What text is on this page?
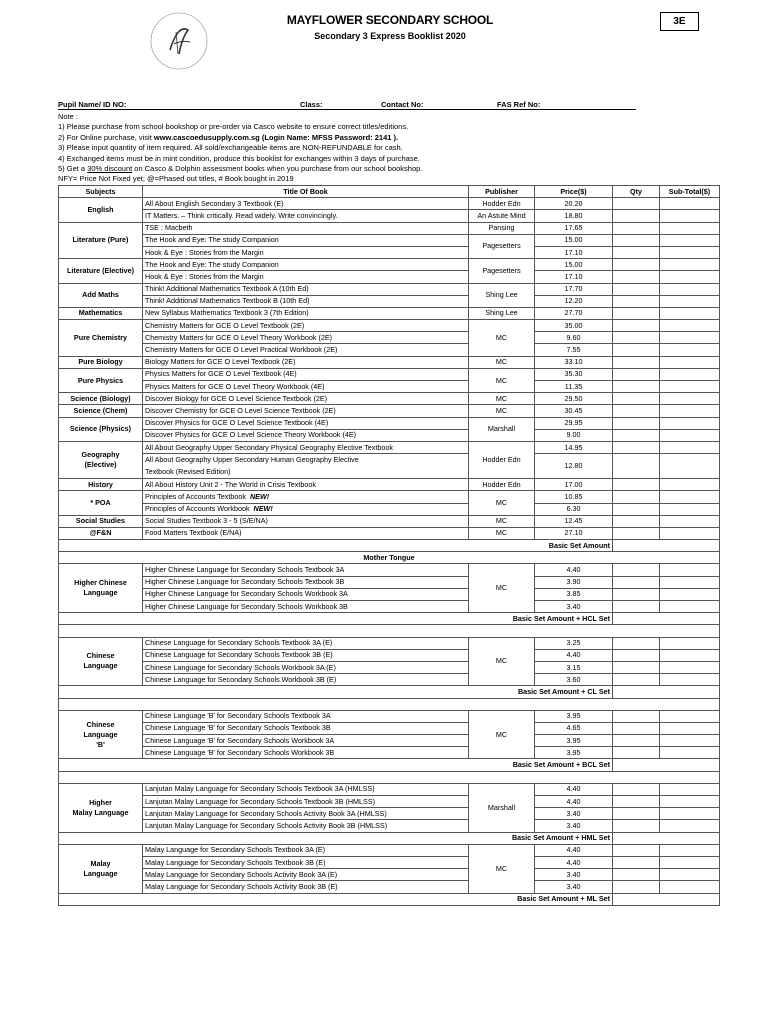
MAYFLOWER SECONDARY SCHOOL
Secondary 3 Express Booklist 2020
3E
Pupil Name/ ID NO:	Class:	Contact No:	FAS Ref No:
Note :
1) Please purchase from school bookshop or pre-order via Casco website to ensure correct titles/editions.
2) For Online purchase, visit www.cascoedusupply.com.sg (Login Name: MFSS Password: 2141 ).
3) Please input quantity of item required. All sold/exchangeable items are NON-REFUNDABLE for cash.
4) Exchanged items must be in mint condition, produce this booklist for exchanges within 3 days of purchase.
5) Get a 30% discount on Casco & Dolphin assessment books when you purchase from our school bookshop.
NFY= Price Not Fixed yet; @=Phased out titles, # Book bought in 2019
Subjects	Title Of Book	Publisher	Price($)	Qty	Sub-Total($)
English	All About English Secondary 3 Textbook (E)	Hodder Edn	20.20		
	IT Matters. – Think critically. Read widely. Write convincingly.	An Astute Mind	18.80		
Literature (Pure)	TSE : Macbeth	Pansing	17.65		
	The Hook and Eye: The study Companion	Pagesetters	15.00		
	Hook & Eye : Stories from the Margin		17.10		
Literature (Elective)	The Hook and Eye: The study Companion	Pagesetters	15.00		
	Hook & Eye : Stories from the Margin		17.10		
Add Maths	Think! Additional Mathematics Textbook A (10th Ed)	Shing Lee	17.70		
	Think! Additional Mathematics Textbook B (10th Ed)		12.20		
Mathematics	New Syllabus Mathematics Textbook 3 (7th Edition)	Shing Lee	27.70		
Pure Chemistry	Chemistry Matters for GCE O Level Textbook (2E)	MC	35.00		
	Chemistry Matters for GCE O Level Theory Workbook (2E)		9.60		
	Chemistry Matters for GCE O Level Practical Workbook (2E)		7.55		
Pure Biology	Biology Matters for GCE O Level Textbook (2E)	MC	33.10		
Pure Physics	Physics Matters for GCE O Level Textbook (4E)	MC	35.30		
	Physics Matters for GCE O Level Theory Workbook (4E)		11.35		
Science (Biology)	Discover Biology for GCE O Level Science Textbook (2E)	MC	29.50		
Science (Chem)	Discover Chemistry for GCE O Level Science Textbook (2E)	MC	30.45		
Science (Physics)	Discover Physics for GCE O Level Science Textbook (4E)	Marshall	29.95		
	Discover Physics for GCE O Level Science Theory Workbook (4E)		9.00		

Geography
(Elective)	All About Geography Upper Secondary Physical Geography Elective Textbook	Hodder Edn	14.95		

	All About Geography Upper Secondary Human Geography Elective
Textbook (Revised Edition)		12.80		
History	All About History Unit 2 - The World in Crisis Textbook	Hodder Edn	17.00		
* POA	Principles of Accounts Textbook NEW!	MC	10.85		
	Principles of Accounts Workbook NEW!		6.30		
Social Studies	Social Studies Textbook 3 - 5 (S/E/NA)	MC	12.45		
@F&N	Food Matters Textbook (E/NA)	MC	27.10		
Basic Set Amount					
Mother Tongue					

Higher Chinese
Language	Higher Chinese Language for Secondary Schools Textbook 3A	MC	4.40		
	Higher Chinese Language for Secondary Schools Textbook 3B		3.90		
	Higher Chinese Language for Secondary Schools Workbook 3A		3.85		
	Higher Chinese Language for Secondary Schools Workbook 3B		3.40		
Basic Set Amount + HCL Set					

Chinese
Language	Chinese Language for Secondary Schools Textbook 3A (E)	MC	3.25		
	Chinese Language for Secondary Schools Textbook 3B (E)		4.40		
	Chinese Language for Secondary Schools Workbook 3A (E)		3.15		
	Chinese Language for Secondary Schools Workbook 3B (E)		3.60		
Basic Set Amount + CL Set					

Chinese
Language
'B'	Chinese Language 'B' for Secondary Schools Textbook 3A	MC	3.95		
	Chinese Language 'B' for Secondary Schools Textbook 3B		4.65		
	Chinese Language 'B' for Secondary Schools Workbook 3A		3.95		
	Chinese Language 'B' for Secondary Schools Workbook 3B		3.95		
Basic Set Amount + BCL Set					

Higher
Malay Language	Lanjutan Malay Language for Secondary Schools Textbook 3A (HMLSS)	Marshall	4.40		
	Lanjutan Malay Language for Secondary Schools Textbook 3B (HMLSS)		4.40		
	Lanjutan Malay Language for Secondary Schools Activity Book 3A (HMLSS)		3.40		
	Lanjutan Malay Language for Secondary Schools Activity Book 3B (HMLSS)		3.40		
Basic Set Amount + HML Set					

Malay
Language	Malay Language for Secondary Schools Textbook 3A (E)	MC	4.40		
	Malay Language for Secondary Schools Textbook 3B (E)		4.40		
	Malay Language for Secondary Schools Activity Book 3A (E)		3.40		
	Malay Language for Secondary Schools Activity Book 3B (E)		3.40		
Basic Set Amount + ML Set					
